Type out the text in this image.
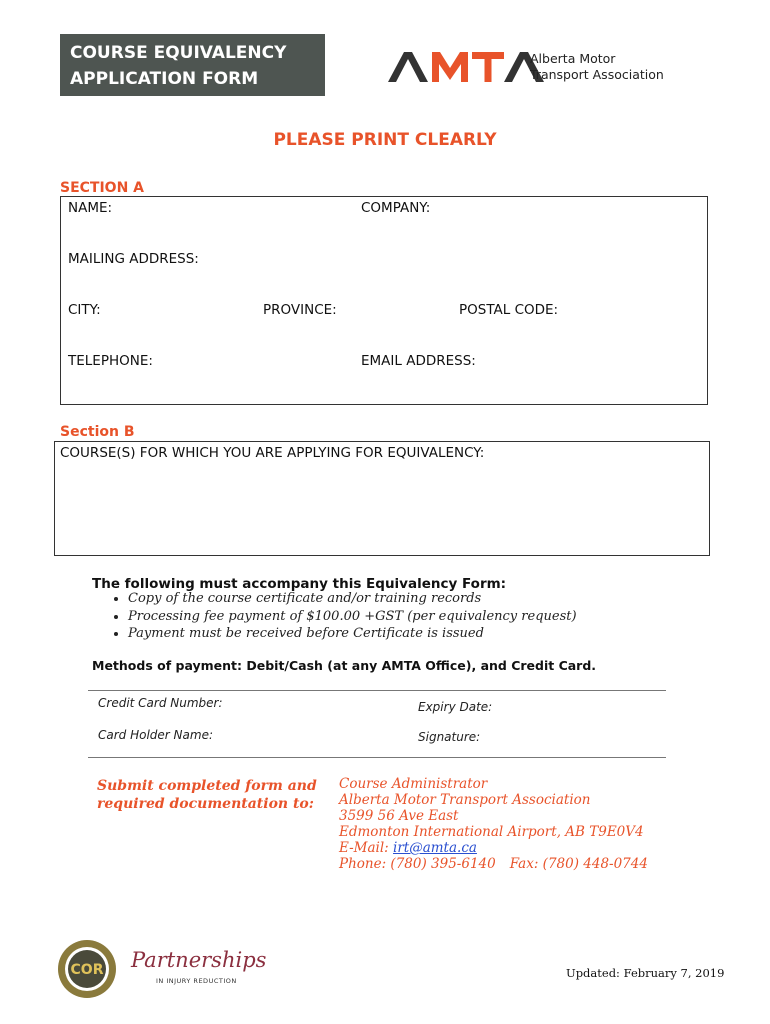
COURSE EQUIVALENCY
APPLICATION FORM
AMTA
Alberta Motor
Transport Association
PLEASE PRINT CLEARLY
SECTION A
NAME:	COMPANY:
MAILING ADDRESS:
CITY:	PROVINCE:	POSTAL CODE:
TELEPHONE:	EMAIL ADDRESS:
Section B
COURSE(S) FOR WHICH YOU ARE APPLYING FOR EQUIVALENCY:
The following must accompany this Equivalency Form:
• Copy of the course certificate and/or training records
• Processing fee payment of $100.00 +GST (per equivalency request)
• Payment must be received before Certificate is issued
Methods of payment: Debit/Cash (at any AMTA Office), and Credit Card.
Credit Card Number:	Expiry Date:
Card Holder Name:	Signature:
Submit completed form and required documentation to:
Course Administrator
Alberta Motor Transport Association
3599 56 Ave East
Edmonton International Airport, AB T9E0V4
E-Mail: irt@amta.ca
Phone: (780) 395-6140 Fax: (780) 448-0744
COR Partnerships
IN INJURY REDUCTION
Updated: February 7, 2019
